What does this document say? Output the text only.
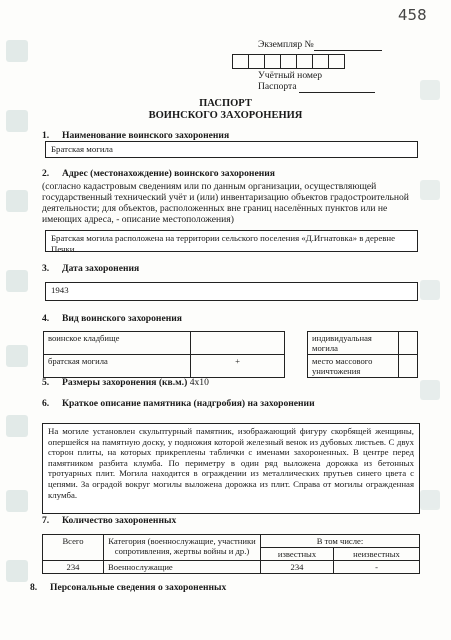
458
Экземпляр №
Учётный номер
Паспорта
ПАСПОРТ
ВОИНСКОГО ЗАХОРОНЕНИЯ
1. Наименование воинского захоронения
Братская могила
2. Адрес (местонахождение) воинского захоронения
(согласно кадастровым сведениям или по данным организации, осуществляющей государственный технический учёт и (или) инвентаризацию объектов градостроительной деятельности; для объектов, расположенных вне границ населённых пунктов или не имеющих адреса, - описание местоположения)
Братская могила расположена на территории сельского поселения «Д.Игнатовка» в деревне Печки.
3. Дата захоронения
1943
4. Вид воинского захоронения
воинское кладбище			индивидуальная могила	
братская могила	+		место массового уничтожения	
5. Размеры захоронения (кв.м.) 4x10
6. Краткое описание памятника (надгробия) на захоронении
На могиле установлен скульптурный памятник, изображающий фигуру скорбящей женщины, опершейся на памятную доску, у подножия которой железный венок из дубовых листьев. С двух сторон плиты, на которых прикреплены таблички с именами захороненных. В центре перед памятником разбита клумба. По периметру в один ряд выложена дорожка из бетонных тротуарных плит. Могила находится в ограждении из металлических прутьев синего цвета с цепями. За оградой вокруг могилы выложена дорожка из плит. Справа от могилы огражденная клумба.
7. Количество захороненных
Всего	Категория (военнослужащие, участники сопротивления, жертвы войны и др.)	В том числе:	
		известных	неизвестных
234	Военнослужащие	234	-
8. Персональные сведения о захороненных
